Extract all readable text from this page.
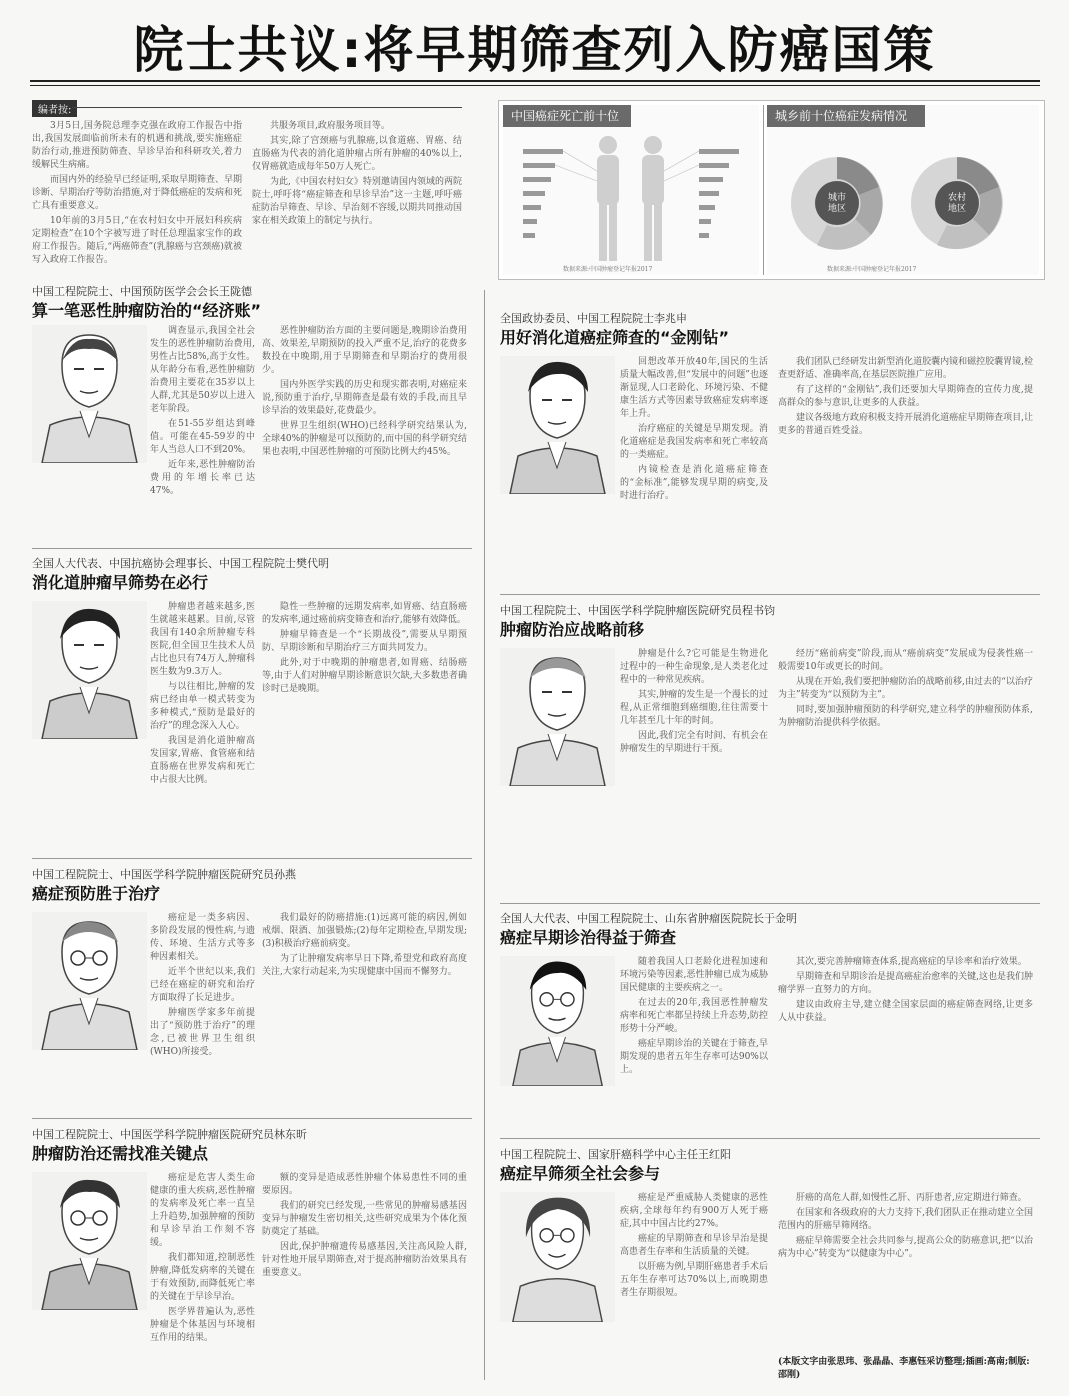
院士共议:将早期筛查列入防癌国策
编者按:

3月5日,国务院总理李克强在政府工作报告中指出,我国发展面临前所未有的机遇和挑战,要实施癌症防治行动,推进预防筛查、早诊早治和科研攻关,着力缓解民生病痛。

而国内外的经验早已经证明,采取早期筛查、早期诊断、早期治疗等防治措施,对于降低癌症的发病和死亡具有重要意义。

10年前的3月5日,“在农村妇女中开展妇科疾病定期检查”在10个字被写进了时任总理温家宝作的政府工作报告。随后,“两癌筛查”(乳腺癌与宫颈癌)就被写入政府工作报告。

共服务项目,政府服务项目等。

其实,除了宫颈癌与乳腺癌,以食道癌、胃癌、结直肠癌为代表的消化道肿瘤占所有肿瘤的40%以上,仅胃癌就造成每年50万人死亡。

为此,《中国农村妇女》特别邀请国内领域的两院院士,呼吁将“癌症筛查和早诊早治”这一主题,呼吁癌症防治早筛查、早诊、早治刻不容缓,以期共同推动国家在相关政策上的制定与执行。

中国癌症死亡前十位
数据来源:中国肿瘤登记年报2017
城乡前十位癌症发病情况
城市
地区
农村
地区
数据来源:中国肿瘤登记年报2017
中国工程院院士、中国预防医学会会长王陇德
算一笔恶性肿瘤防治的“经济账”

调查显示,我国全社会发生的恶性肿瘤防治费用,男性占比58%,高于女性。从年龄分布看,恶性肿瘤防治费用主要花在35岁以上人群,尤其是50岁以上进入老年阶段。

在51-55岁组达到峰值。可能在45-59岁的中年人当总人口不到20%。

近年来,恶性肿瘤防治费用的年增长率已达47%。

恶性肿瘤防治方面的主要问题是,晚期诊治费用高、效果差,早期预防的投入严重不足,治疗的花费多数投在中晚期,用于早期筛查和早期治疗的费用很少。

国内外医学实践的历史和现实都表明,对癌症来说,预防重于治疗,早期筛查是最有效的手段,而且早诊早治的效果最好,花费最少。

世界卫生组织(WHO)已经科学研究结果认为,全球40%的肿瘤是可以预防的,而中国的科学研究结果也表明,中国恶性肿瘤的可预防比例大约45%。

全国人大代表、中国抗癌协会理事长、中国工程院院士樊代明
消化道肿瘤早筛势在必行

肿瘤患者越来越多,医生就越来越累。目前,尽管我国有140余所肿瘤专科医院,但全国卫生技术人员占比也只有74万人,肿瘤科医生数为9.3万人。

与以往相比,肿瘤的发病已经由单一模式转变为多种模式,“预防是最好的治疗”的理念深入人心。

我国是消化道肿瘤高发国家,胃癌、食管癌和结直肠癌在世界发病和死亡中占很大比例。

隐性一些肿瘤的远期发病率,如胃癌、结直肠癌的发病率,通过癌前病变筛查和治疗,能够有效降低。

肿瘤早筛查是一个“长期战役”,需要从早期预防、早期诊断和早期治疗三方面共同发力。

此外,对于中晚期的肿瘤患者,如胃癌、结肠癌等,由于人们对肿瘤早期诊断意识欠缺,大多数患者确诊时已是晚期。

中国工程院院士、中国医学科学院肿瘤医院研究员孙燕
癌症预防胜于治疗

癌症是一类多病因、多阶段发展的慢性病,与遗传、环境、生活方式等多种因素相关。

近半个世纪以来,我们已经在癌症的研究和治疗方面取得了长足进步。

肿瘤医学家多年前提出了“预防胜于治疗”的理念,已被世界卫生组织(WHO)所接受。

我们最好的防癌措施:(1)远离可能的病因,例如戒烟、限酒、加强锻炼;(2)每年定期检查,早期发现;(3)积极治疗癌前病变。

为了让肿瘤发病率早日下降,希望党和政府高度关注,大家行动起来,为实现健康中国而不懈努力。

中国工程院院士、中国医学科学院肿瘤医院研究员林东昕
肿瘤防治还需找准关键点

癌症是危害人类生命健康的重大疾病,恶性肿瘤的发病率及死亡率一直呈上升趋势,加强肿瘤的预防和早诊早治工作刻不容缓。

我们都知道,控制恶性肿瘤,降低发病率的关键在于有效预防,而降低死亡率的关键在于早诊早治。

医学界普遍认为,恶性肿瘤是个体基因与环境相互作用的结果。

额的变异是造成恶性肿瘤个体易患性不同的重要原因。

我们的研究已经发现,一些常见的肿瘤易感基因变异与肿瘤发生密切相关,这些研究成果为个体化预防奠定了基础。

因此,保护肿瘤遗传易感基因,关注高风险人群,针对性地开展早期筛查,对于提高肿瘤防治效果具有重要意义。

全国政协委员、中国工程院院士李兆申
用好消化道癌症筛查的“金刚钻”

回想改革开放40年,国民的生活质量大幅改善,但“发展中的问题”也逐渐显现,人口老龄化、环境污染、不健康生活方式等因素导致癌症发病率逐年上升。

治疗癌症的关键是早期发现。消化道癌症是我国发病率和死亡率较高的一类癌症。

内镜检查是消化道癌症筛查的“金标准”,能够发现早期的病变,及时进行治疗。

我们团队已经研发出新型消化道胶囊内镜和磁控胶囊胃镜,检查更舒适、准确率高,在基层医院推广应用。

有了这样的“金刚钻”,我们还要加大早期筛查的宣传力度,提高群众的参与意识,让更多的人获益。

建议各级地方政府积极支持开展消化道癌症早期筛查项目,让更多的普通百姓受益。

中国工程院院士、中国医学科学院肿瘤医院研究员程书钧
肿瘤防治应战略前移

肿瘤是什么?它可能是生物进化过程中的一种生命现象,是人类老化过程中的一种常见疾病。

其实,肿瘤的发生是一个漫长的过程,从正常细胞到癌细胞,往往需要十几年甚至几十年的时间。

因此,我们完全有时间、有机会在肿瘤发生的早期进行干预。

经历“癌前病变”阶段,而从“癌前病变”发展成为侵袭性癌一般需要10年或更长的时间。

从现在开始,我们要把肿瘤防治的战略前移,由过去的“以治疗为主”转变为“以预防为主”。

同时,要加强肿瘤预防的科学研究,建立科学的肿瘤预防体系,为肿瘤防治提供科学依据。

全国人大代表、中国工程院院士、山东省肿瘤医院院长于金明
癌症早期诊治得益于筛查

随着我国人口老龄化进程加速和环境污染等因素,恶性肿瘤已成为威胁国民健康的主要疾病之一。

在过去的20年,我国恶性肿瘤发病率和死亡率都呈持续上升态势,防控形势十分严峻。

癌症早期诊治的关键在于筛查,早期发现的患者五年生存率可达90%以上。

其次,要完善肿瘤筛查体系,提高癌症的早诊率和治疗效果。

早期筛查和早期诊治是提高癌症治愈率的关键,这也是我们肿瘤学界一直努力的方向。

建议由政府主导,建立健全国家层面的癌症筛查网络,让更多人从中获益。

中国工程院院士、国家肝癌科学中心主任王红阳
癌症早筛须全社会参与

癌症是严重威胁人类健康的恶性疾病,全球每年约有900万人死于癌症,其中中国占比约27%。

癌症的早期筛查和早诊早治是提高患者生存率和生活质量的关键。

以肝癌为例,早期肝癌患者手术后五年生存率可达70%以上,而晚期患者生存期很短。

肝癌的高危人群,如慢性乙肝、丙肝患者,应定期进行筛查。

在国家和各级政府的大力支持下,我们团队正在推动建立全国范围内的肝癌早筛网络。

癌症早筛需要全社会共同参与,提高公众的防癌意识,把“以治病为中心”转变为“以健康为中心”。

(本版文字由张思玮、张晶晶、李惠钰采访整理;插画:高南;制版:邵刚)
